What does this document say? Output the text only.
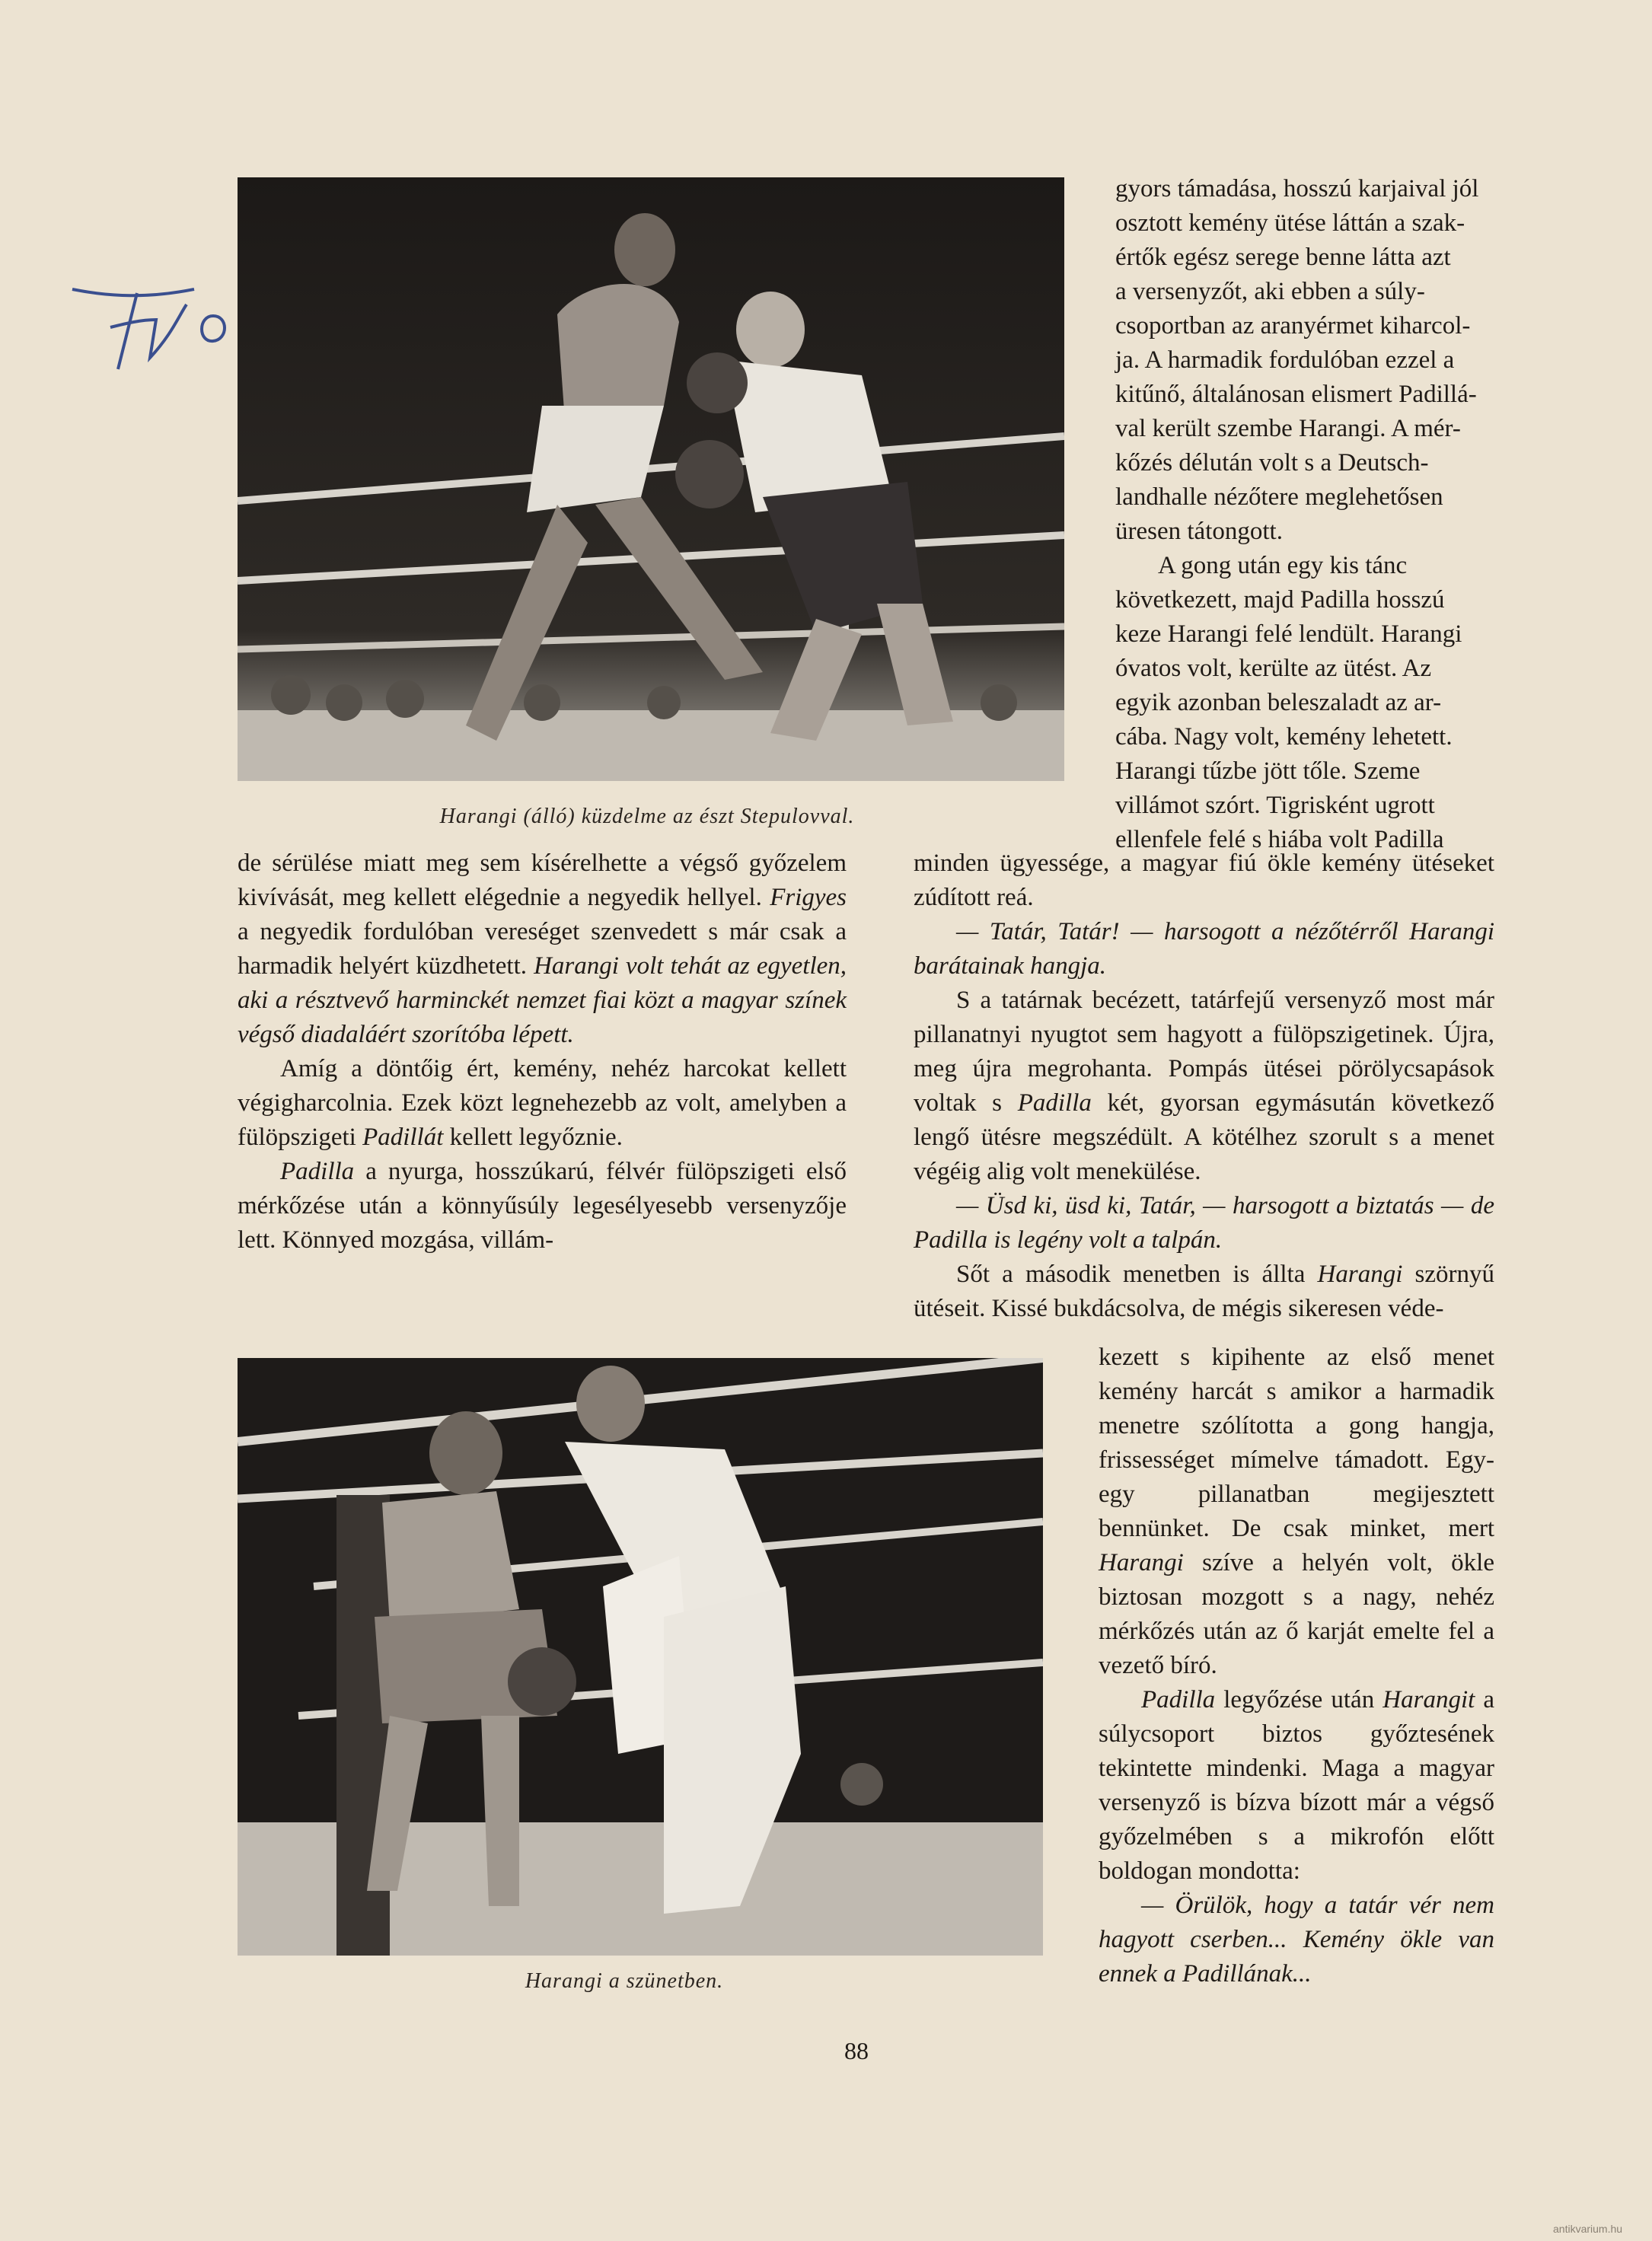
Harangi (álló) küzdelme az észt Stepulovval.

gyors támadása, hosszú karjaival jól
osztott kemény ütése láttán a szak-
értők egész serege benne látta azt
a versenyzőt, aki ebben a súly-
csoportban az aranyérmet kiharcol-
ja. A harmadik fordulóban ezzel a
kitűnő, általánosan elismert Padillá-
val került szembe Harangi. A mér-
kőzés délután volt s a Deutsch-
landhalle nézőtere meglehetősen
üresen tátongott.

A gong után egy kis tánc
következett, majd Padilla hosszú
keze Harangi felé lendült. Harangi
óvatos volt, kerülte az ütést. Az
egyik azonban beleszaladt az ar-
cába. Nagy volt, kemény lehetett.
Harangi tűzbe jött tőle. Szeme
villámot szórt. Tigrisként ugrott
ellenfele felé s hiába volt Padilla

de sérülése miatt meg sem kísérelhette a végső győzelem kivívását, meg kellett elégednie a negyedik hellyel. Frigyes a negyedik fordulóban vereséget szenvedett s már csak a harmadik helyért küzdhetett. Harangi volt tehát az egyetlen, aki a résztvevő harminckét nemzet fiai közt a magyar színek végső diadaláért szorítóba lépett.

Amíg a döntőig ért, kemény, nehéz harcokat kellett végigharcolnia. Ezek közt legnehezebb az volt, amelyben a fülöpszigeti Padillát kellett legyőznie.

Padilla a nyurga, hosszúkarú, félvér fülöpszigeti első mérkőzése után a könnyűsúly legesélyesebb versenyzője lett. Könnyed mozgása, villám-

minden ügyessége, a magyar fiú ökle kemény ütéseket zúdított reá.

— Tatár, Tatár! — harsogott a nézőtérről Harangi barátainak hangja.

S a tatárnak becézett, tatárfejű versenyző most már pillanatnyi nyugtot sem hagyott a fülöpszigetinek. Újra, meg újra megrohanta. Pompás ütései pörölycsapások voltak s Padilla két, gyorsan egymásután következő lengő ütésre megszédült. A kötélhez szorult s a menet végéig alig volt menekülése.

— Üsd ki, üsd ki, Tatár, — harsogott a biztatás — de Padilla is legény volt a talpán.

Sőt a második menetben is állta Harangi szörnyű ütéseit. Kissé bukdácsolva, de mégis sikeresen véde-

Harangi a szünetben.

kezett s kipihente az első menet kemény harcát s amikor a harmadik menetre szólította a gong hangja, frissességet mímelve támadott. Egy-egy pillanatban megijesztett bennünket. De csak minket, mert Harangi szíve a helyén volt, ökle biztosan mozgott s a nagy, nehéz mérkőzés után az ő karját emelte fel a vezető bíró.

Padilla legyőzése után Harangit a súlycsoport biztos győztesének tekintette mindenki. Maga a magyar versenyző is bízva bízott már a végső győzelmében s a mikrofón előtt boldogan mondotta:

— Örülök, hogy a tatár vér nem hagyott cserben... Kemény ökle van ennek a Padillának...

88
antikvarium.hu
